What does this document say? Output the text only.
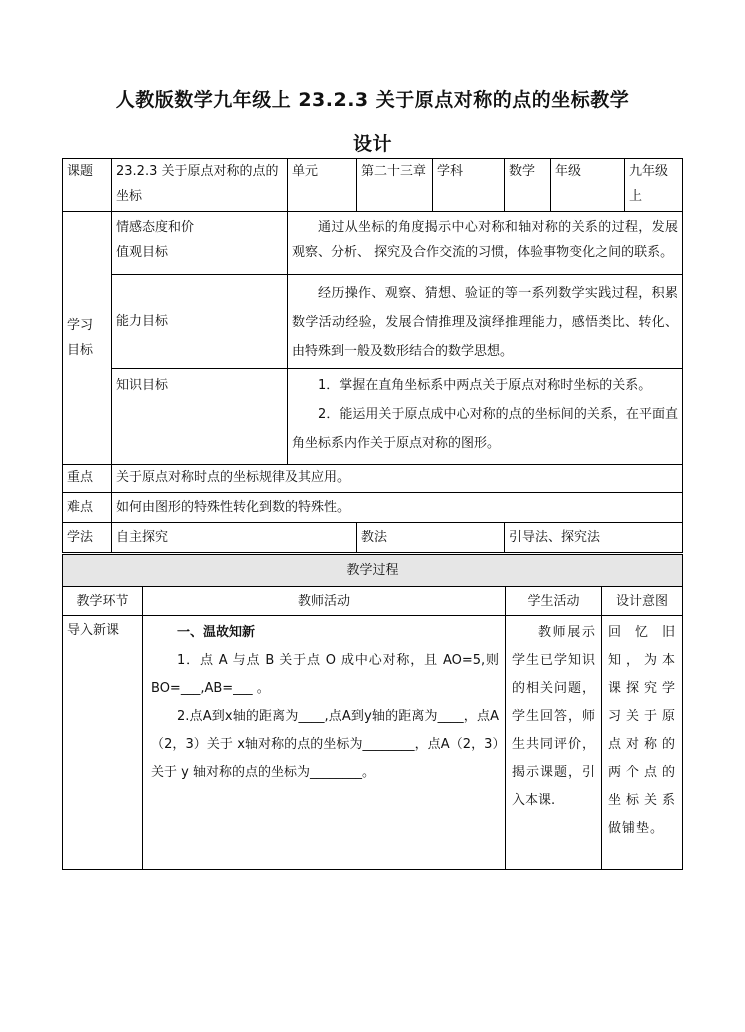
人教版数学九年级上 23.2.3 关于原点对称的点的坐标教学
设计
课题	23.2.3 关于原点对称的点的坐标	单元	第二十三章	学科	数学	年级	九年级上

学习目标	情感态度和价值观目标	通过从坐标的角度揭示中心对称和轴对称的关系的过程，发展观察、分析、 探究及合作交流的习惯，体验事物变化之间的联系。					
	能力目标	经历操作、观察、猜想、验证的等一系列数学实践过程，积累数学活动经验，发展合情推理及演绎推理能力，感悟类比、转化、由特殊到一般及数形结合的数学思想。					
	知识目标	1．掌握在直角坐标系中两点关于原点对称时坐标的关系。
2．能运用关于原点成中心对称的点的坐标间的关系，在平面直角坐标系内作关于原点对称的图形。					

重点	关于原点对称时点的坐标规律及其应用。						
难点	如何由图形的特殊性转化到数的特殊性。						
学法	自主探究		教法		引导法、探究法		
教学过程			
教学环节	教师活动	学生活动	设计意图
导入新课	一、温故知新
1．点 A 与点 B 关于点 O 成中心对称，且 AO=5,则 BO=___,AB=___ 。
2.点A到x轴的距离为____,点A到y轴的距离为____，点A（2，3）关于 x轴对称的点的坐标为________，点A（2，3）关于 y 轴对称的点的坐标为________。	教师展示学生已学知识的相关问题，学生回答，师生共同评价，揭示课题，引入本课.	回忆旧知，为本课探究学习关于原点对称的两个点的坐标关系做铺垫。
